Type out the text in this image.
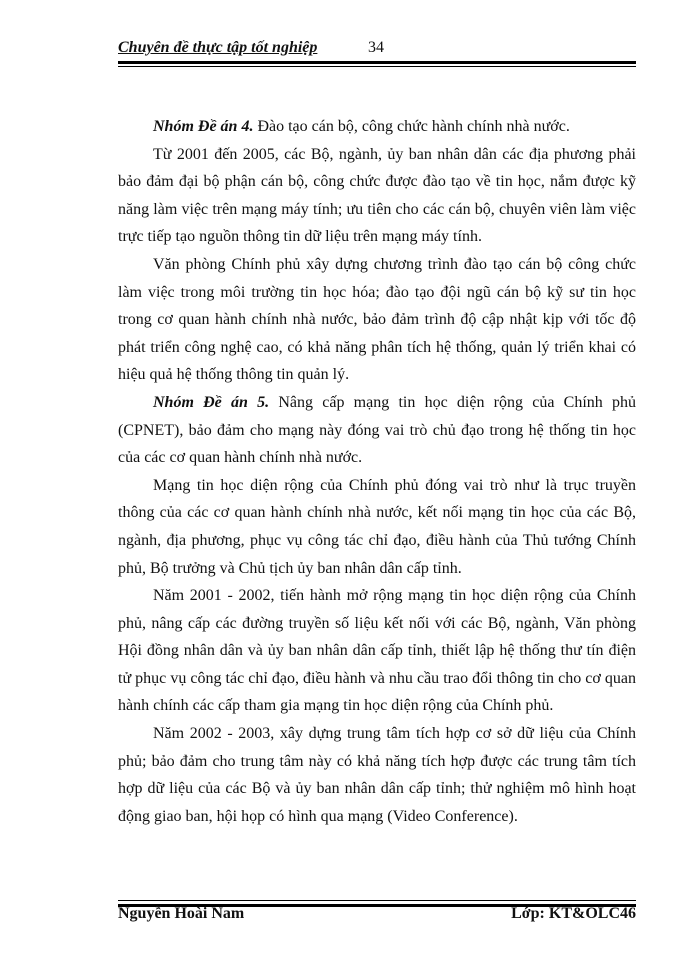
Chuyên đề thực tập tốt nghiệp	34

Nhóm Đề án 4. Đào tạo cán bộ, công chức hành chính nhà nước.

Từ 2001 đến 2005, các Bộ, ngành, ủy ban nhân dân các địa phương phải bảo đảm đại bộ phận cán bộ, công chức được đào tạo về tin học, nắm được kỹ năng làm việc trên mạng máy tính; ưu tiên cho các cán bộ, chuyên viên làm việc trực tiếp tạo nguồn thông tin dữ liệu trên mạng máy tính.

Văn phòng Chính phủ xây dựng chương trình đào tạo cán bộ công chức làm việc trong môi trường tin học hóa; đào tạo đội ngũ cán bộ kỹ sư tin học trong cơ quan hành chính nhà nước, bảo đảm trình độ cập nhật kịp với tốc độ phát triển công nghệ cao, có khả năng phân tích hệ thống, quản lý triển khai có hiệu quả hệ thống thông tin quản lý.

Nhóm Đề án 5. Nâng cấp mạng tin học diện rộng của Chính phủ (CPNET), bảo đảm cho mạng này đóng vai trò chủ đạo trong hệ thống tin học của các cơ quan hành chính nhà nước.

Mạng tin học diện rộng của Chính phủ đóng vai trò như là trục truyền thông của các cơ quan hành chính nhà nước, kết nối mạng tin học của các Bộ, ngành, địa phương, phục vụ công tác chỉ đạo, điều hành của Thủ tướng Chính phủ, Bộ trưởng và Chủ tịch ủy ban nhân dân cấp tỉnh.

Năm 2001 - 2002, tiến hành mở rộng mạng tin học diện rộng của Chính phủ, nâng cấp các đường truyền số liệu kết nối với các Bộ, ngành, Văn phòng Hội đồng nhân dân và ủy ban nhân dân cấp tỉnh, thiết lập hệ thống thư tín điện tử phục vụ công tác chỉ đạo, điều hành và nhu cầu trao đổi thông tin cho cơ quan hành chính các cấp tham gia mạng tin học diện rộng của Chính phủ.

Năm 2002 - 2003, xây dựng trung tâm tích hợp cơ sở dữ liệu của Chính phủ; bảo đảm cho trung tâm này có khả năng tích hợp được các trung tâm tích hợp dữ liệu của các Bộ và ủy ban nhân dân cấp tỉnh; thử nghiệm mô hình hoạt động giao ban, hội họp có hình qua mạng (Video Conference).

Nguyễn Hoài Nam	Lớp: KT&OLC46
